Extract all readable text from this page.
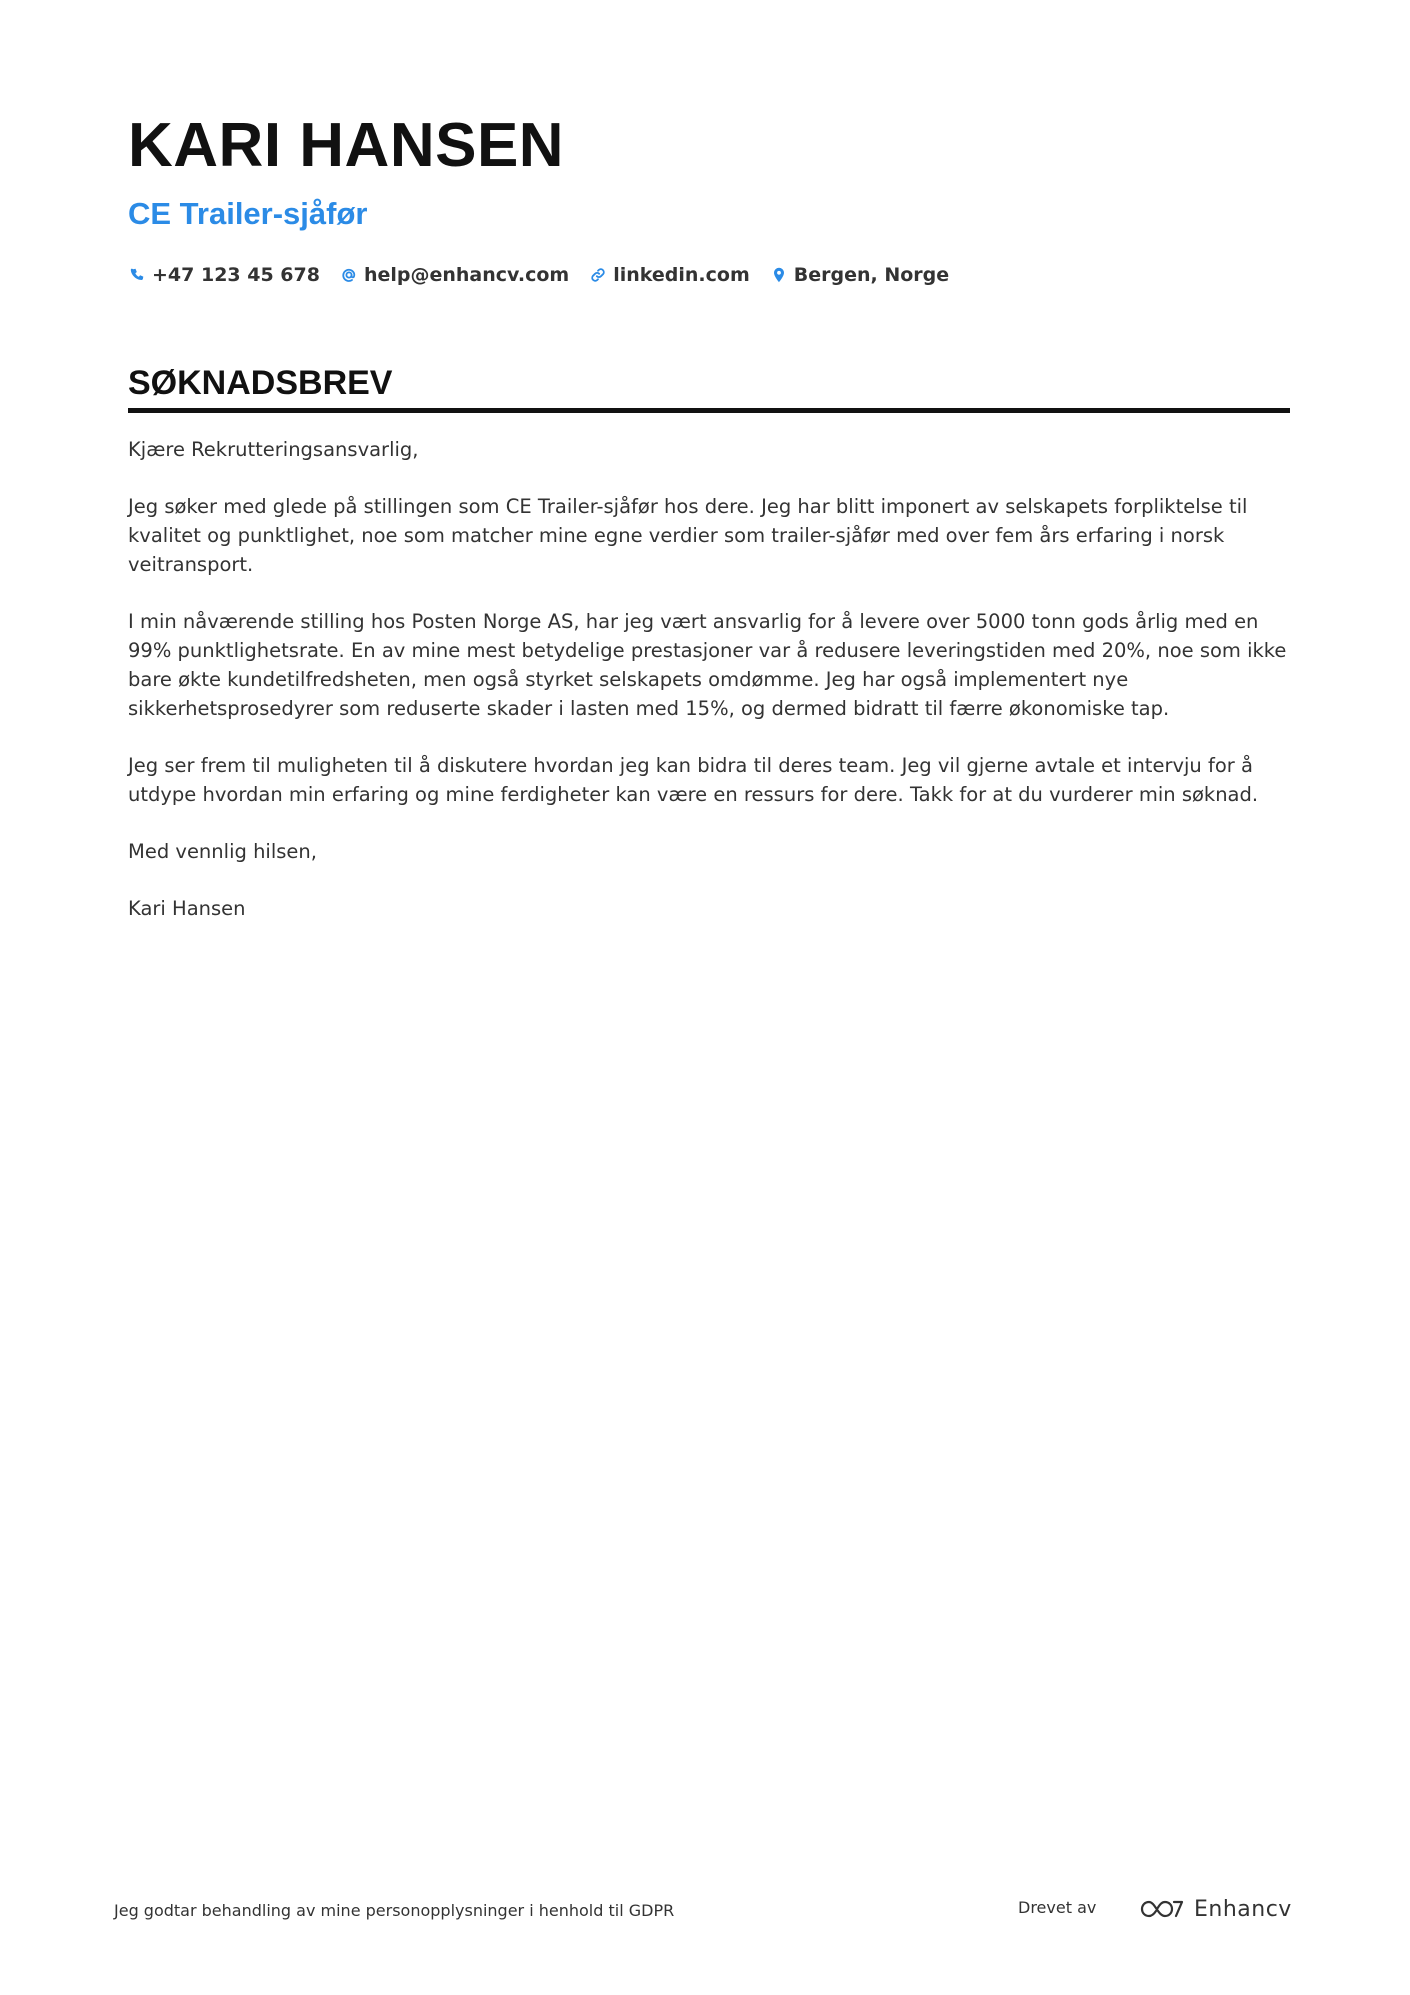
KARI HANSEN
CE Trailer-sjåfør
+47 123 45 678 help@enhancv.com linkedin.com Bergen, Norge
SØKNADSBREV

Kjære Rekrutteringsansvarlig,

Jeg søker med glede på stillingen som CE Trailer-sjåfør hos dere. Jeg har blitt imponert av selskapets forpliktelse til kvalitet og punktlighet, noe som matcher mine egne verdier som trailer-sjåfør med over fem års erfaring i norsk veitransport.

I min nåværende stilling hos Posten Norge AS, har jeg vært ansvarlig for å levere over 5000 tonn gods årlig med en 99% punktlighetsrate. En av mine mest betydelige prestasjoner var å redusere leveringstiden med 20%, noe som ikke bare økte kundetilfredsheten, men også styrket selskapets omdømme. Jeg har også implementert nye sikkerhetsprosedyrer som reduserte skader i lasten med 15%, og dermed bidratt til færre økonomiske tap.

Jeg ser frem til muligheten til å diskutere hvordan jeg kan bidra til deres team. Jeg vil gjerne avtale et intervju for å utdype hvordan min erfaring og mine ferdigheter kan være en ressurs for dere. Takk for at du vurderer min søknad.

Med vennlig hilsen,

Kari Hansen

Jeg godtar behandling av mine personopplysninger i henhold til GDPR	Drevet av	Enhancv
